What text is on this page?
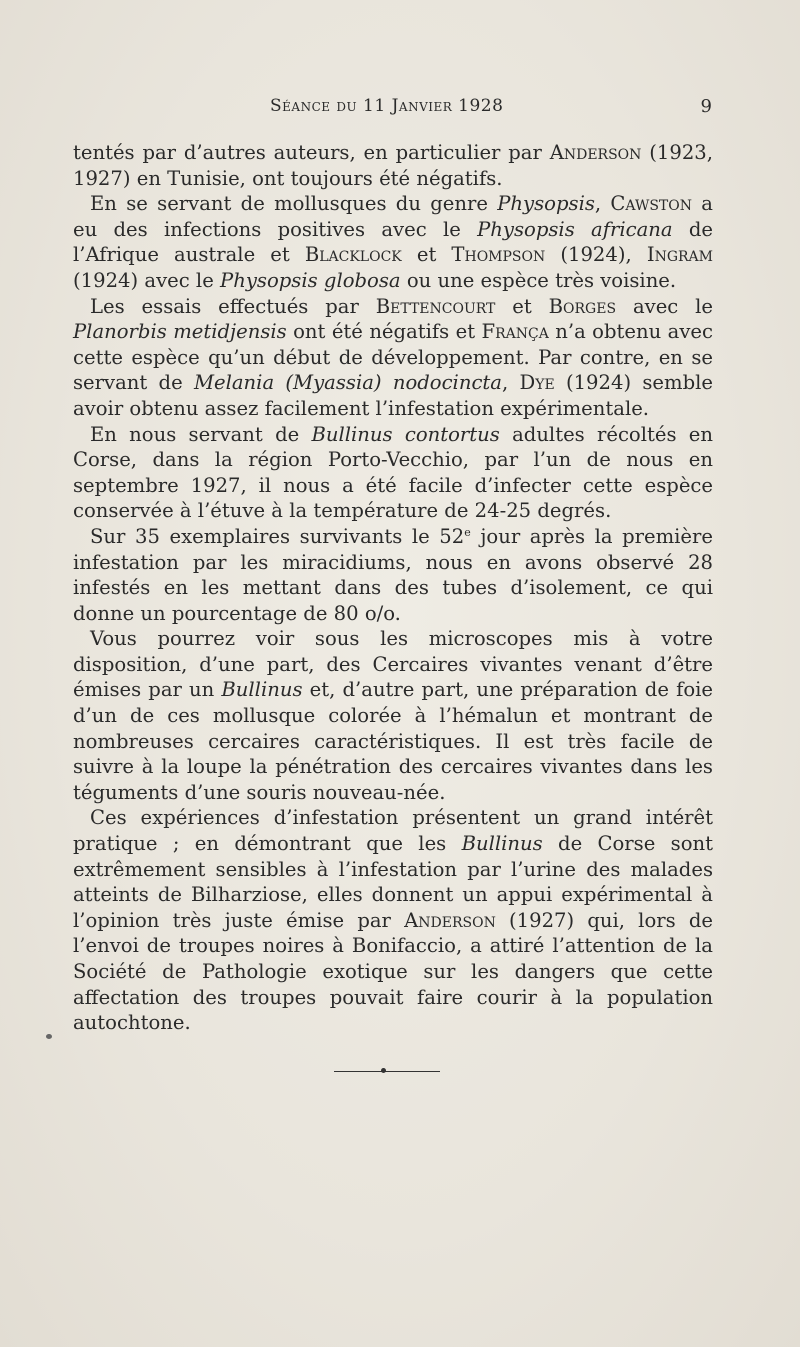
Séance du 11 Janvier 1928	9

tentés par d’autres auteurs, en particulier par Anderson (1923, 1927) en Tunisie, ont toujours été négatifs.

En se servant de mollusques du genre Physopsis, Cawston a eu des infections positives avec le Physopsis africana de l’Afrique australe et Blacklock et Thompson (1924), Ingram (1924) avec le Physopsis globosa ou une espèce très voisine.

Les essais effectués par Bettencourt et Borges avec le Planorbis metidjensis ont été négatifs et França n’a obtenu avec cette espèce qu’un début de développement. Par contre, en se servant de Melania (Myassia) nodocincta, Dye (1924) semble avoir obtenu assez facilement l’infestation expérimentale.

En nous servant de Bullinus contortus adultes récoltés en Corse, dans la région Porto-Vecchio, par l’un de nous en septembre 1927, il nous a été facile d’infecter cette espèce conservée à l’étuve à la température de 24-25 degrés.

Sur 35 exemplaires survivants le 52e jour après la première infestation par les miracidiums, nous en avons observé 28 infestés en les mettant dans des tubes d’isolement, ce qui donne un pourcentage de 80 o/o.

Vous pourrez voir sous les microscopes mis à votre disposition, d’une part, des Cercaires vivantes venant d’être émises par un Bullinus et, d’autre part, une préparation de foie d’un de ces mollusque colorée à l’hémalun et montrant de nombreuses cercaires caractéristiques. Il est très facile de suivre à la loupe la pénétration des cercaires vivantes dans les téguments d’une souris nouveau-née.

Ces expériences d’infestation présentent un grand intérêt pratique ; en démontrant que les Bullinus de Corse sont extrêmement sensibles à l’infestation par l’urine des malades atteints de Bilharziose, elles donnent un appui expérimental à l’opinion très juste émise par Anderson (1927) qui, lors de l’envoi de troupes noires à Bonifaccio, a attiré l’attention de la Société de Pathologie exotique sur les dangers que cette affectation des troupes pouvait faire courir à la population autochtone.
